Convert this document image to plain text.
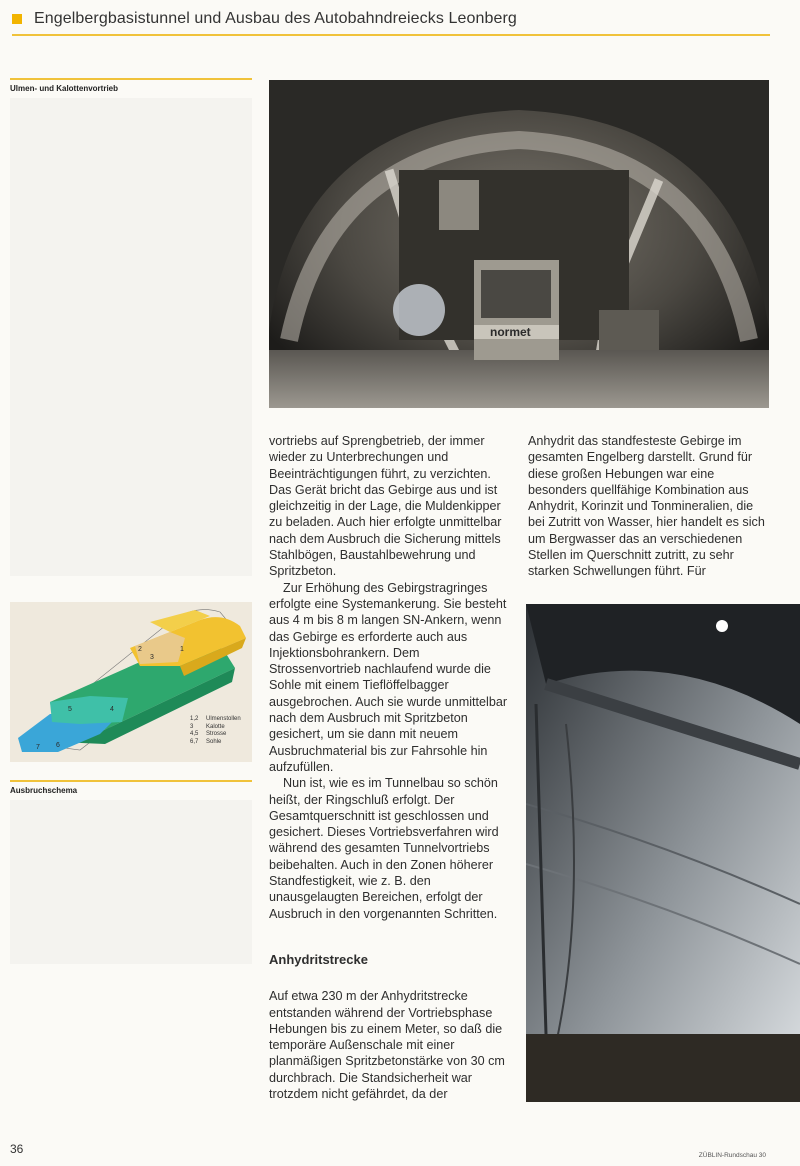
Engelbergbasistunnel und Ausbau des Autobahndreiecks Leonberg
Ulmen- und Kalottenvortrieb
1
2
3
4
5
6
7
1,2 Ulmenstollen
3 Kalotte
4,5 Strosse
6,7 Sohle
Ausbruchschema
normet

vortriebs auf Sprengbetrieb, der immer wieder zu Unterbrechungen und Beeinträchtigungen führt, zu verzichten. Das Gerät bricht das Gebirge aus und ist gleichzeitig in der Lage, die Muldenkipper zu beladen. Auch hier erfolgte unmittelbar nach dem Ausbruch die Sicherung mittels Stahlbögen, Baustahlbewehrung und Spritzbeton.

Zur Erhöhung des Gebirgstragringes erfolgte eine Systemankerung. Sie besteht aus 4 m bis 8 m langen SN-Ankern, wenn das Gebirge es erforderte auch aus Injektionsbohrankern. Dem Strossenvortrieb nachlaufend wurde die Sohle mit einem Tieflöffelbagger ausgebrochen. Auch sie wurde unmittelbar nach dem Ausbruch mit Spritzbeton gesichert, um sie dann mit neuem Ausbruchmaterial bis zur Fahrsohle hin aufzufüllen.

Nun ist, wie es im Tunnelbau so schön heißt, der Ringschluß erfolgt. Der Gesamtquerschnitt ist geschlossen und gesichert. Dieses Vortriebsverfahren wird während des gesamten Tunnelvortriebs beibehalten. Auch in den Zonen höherer Standfestigkeit, wie z. B. den unausgelaugten Bereichen, erfolgt der Ausbruch in den vorgenannten Schritten.

Anhydritstrecke

Auf etwa 230 m der Anhydritstrecke entstanden während der Vortriebsphase Hebungen bis zu einem Meter, so daß die temporäre Außenschale mit einer planmäßigen Spritzbetonstärke von 30 cm durchbrach. Die Standsicherheit war trotzdem nicht gefährdet, da der

Anhydrit das standfesteste Gebirge im gesamten Engelberg darstellt. Grund für diese großen Hebungen war eine besonders quellfähige Kombination aus Anhydrit, Korinzit und Tonmineralien, die bei Zutritt von Wasser, hier handelt es sich um Bergwasser das an verschiedenen Stellen im Querschnitt zutritt, zu sehr starken Schwellungen führt. Für

36	ZÜBLIN-Rundschau 30
